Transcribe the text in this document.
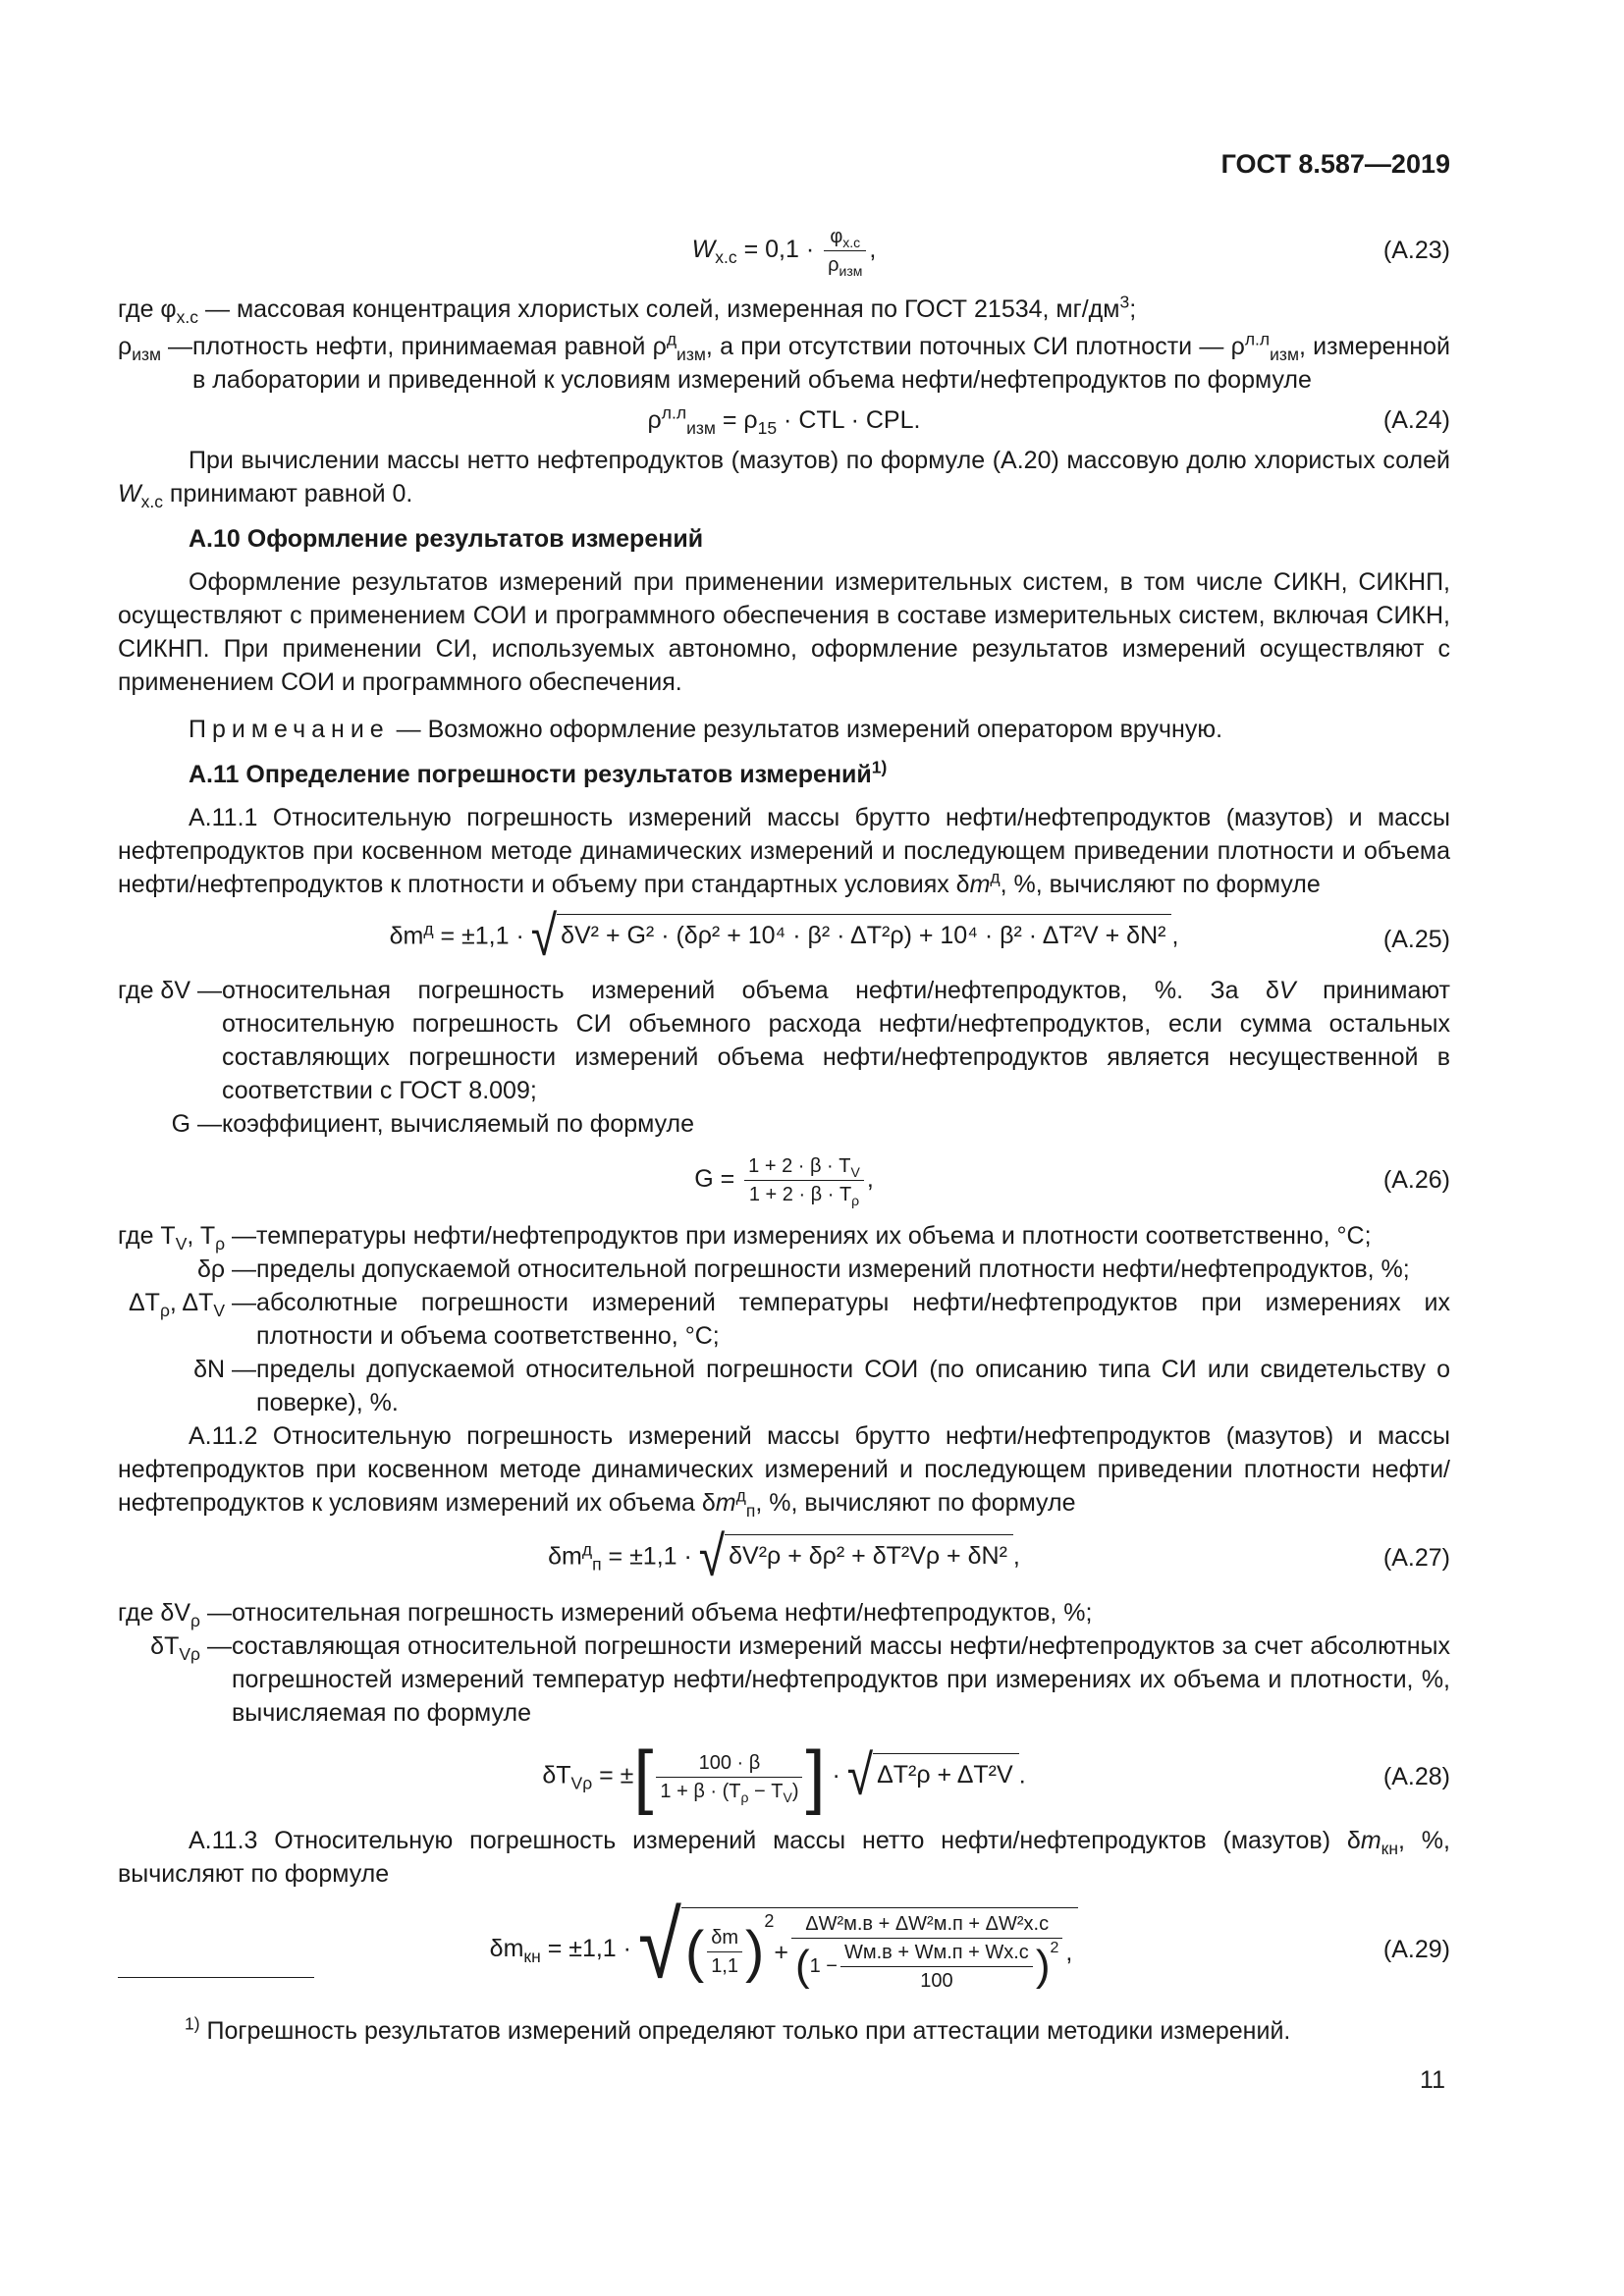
ГОСТ 8.587—2019
$W_{х.с} = 0,1 \cdot \frac{\varphi_{х.с}}{\rho_{изм}}$ ,	(А.23)

где $\varphi_{х.с}$ — массовая концентрация хлористых солей, измеренная по ГОСТ 21534, $мг/дм^3$;

$\rho_{изм}$ — плотность нефти, принимаемая равной $\rho^д_{изм}$, а при отсутствии поточных СИ плотности — $\rho^{л.л}_{изм}$, измеренной в лаборатории и приведенной к условиям измерений объема нефти/нефтепродуктов по формуле
$\rho^{л.л}_{изм} = \rho_{15}$ · CTL · CPL.	(А.24)

При вычислении массы нетто нефтепродуктов (мазутов) по формуле (А.20) массовую долю хлористых солей $W_{х.с}$ принимают равной 0.

А.10 Оформление результатов измерений

Оформление результатов измерений при применении измерительных систем, в том числе СИКН, СИКНП, осуществляют с применением СОИ и программного обеспечения в составе измерительных систем, включая СИКН, СИКНП. При применении СИ, используемых автономно, оформление результатов измерений осуществляют с применением СОИ и программного обеспечения.

Примечание — Возможно оформление результатов измерений оператором вручную.

А.11 Определение погрешности результатов измерений$^{1)}$

А.11.1 Относительную погрешность измерений массы брутто нефти/нефтепродуктов (мазутов) и массы нефтепродуктов при косвенном методе динамических измерений и последующем приведении плотности и объема нефти/нефтепродуктов к плотности и объему при стандартных условиях $\delta m^д$, %, вычисляют по формуле

$\delta m^д = \pm 1,1$ · √ δV² + G² · (δρ² + 10⁴ · β² · ΔT²ρ) + 10⁴ · β² · ΔT²V + δN² ,	(А.25)
где δV — относительная погрешность измерений объема нефти/нефтепродуктов, %. За δV принимают относительную погрешность СИ объемного расхода нефти/нефтепродуктов, если сумма остальных составляющих погрешности измерений объема нефти/нефтепродуктов является несущественной в соответствии с ГОСТ 8.009;
G — коэффициент, вычисляемый по формуле
$G = \frac{1 + 2 \cdot \beta \cdot T_V}{1 + 2 \cdot \beta \cdot T_\rho}$ ,	(А.26)
где $T_V$, $T_\rho$ — температуры нефти/нефтепродуктов при измерениях их объема и плотности соответственно, °С;
δρ — пределы допускаемой относительной погрешности измерений плотности нефти/нефтепродуктов, %;
$\Delta T_\rho$, $\Delta T_V$ — абсолютные погрешности измерений температуры нефти/нефтепродуктов при измерениях их плотности и объема соответственно, °С;
δN — пределы допускаемой относительной погрешности СОИ (по описанию типа СИ или свидетельству о поверке), %.

А.11.2 Относительную погрешность измерений массы брутто нефти/нефтепродуктов (мазутов) и массы нефтепродуктов при косвенном методе динамических измерений и последующем приведении плотности нефти/нефтепродуктов к условиям измерений их объема $\delta m^д_п$, %, вычисляют по формуле

$\delta m^д_п = \pm 1,1$ · √ δV²ρ + δρ² + δT²Vρ + δN² ,	(А.27)
где $\delta V_\rho$ — относительная погрешность измерений объема нефти/нефтепродуктов, %;
$\delta T_{V\rho}$ — составляющая относительной погрешности измерений массы нефти/нефтепродуктов за счет абсолютных погрешностей измерений температур нефти/нефтепродуктов при измерениях их объема и плотности, %, вычисляемая по формуле
$\delta T_{V\rho}$ = ±[ $\frac{100 \cdot \beta}{1 + \beta \cdot (T_\rho - T_V)}$ ] · √ ΔT²ρ + ΔT²V .	(А.28)

А.11.3 Относительную погрешность измерений массы нетто нефти/нефтепродуктов (мазутов) $\delta m_{кн}$, %, вычисляют по формуле

$\delta m_{кн} = \pm 1,1$ · √ ( $\frac{\delta m}{1,1} )^2$
+ $\frac{\text{ΔW²м.в + ΔW²м.п + ΔW²х.с}}{( 1 - \frac{Wм.в + Wм.п + Wх.с}{100} )^2}$ ,	(А.29)
$^{1)}$ Погрешность результатов измерений определяют только при аттестации методики измерений.
11
